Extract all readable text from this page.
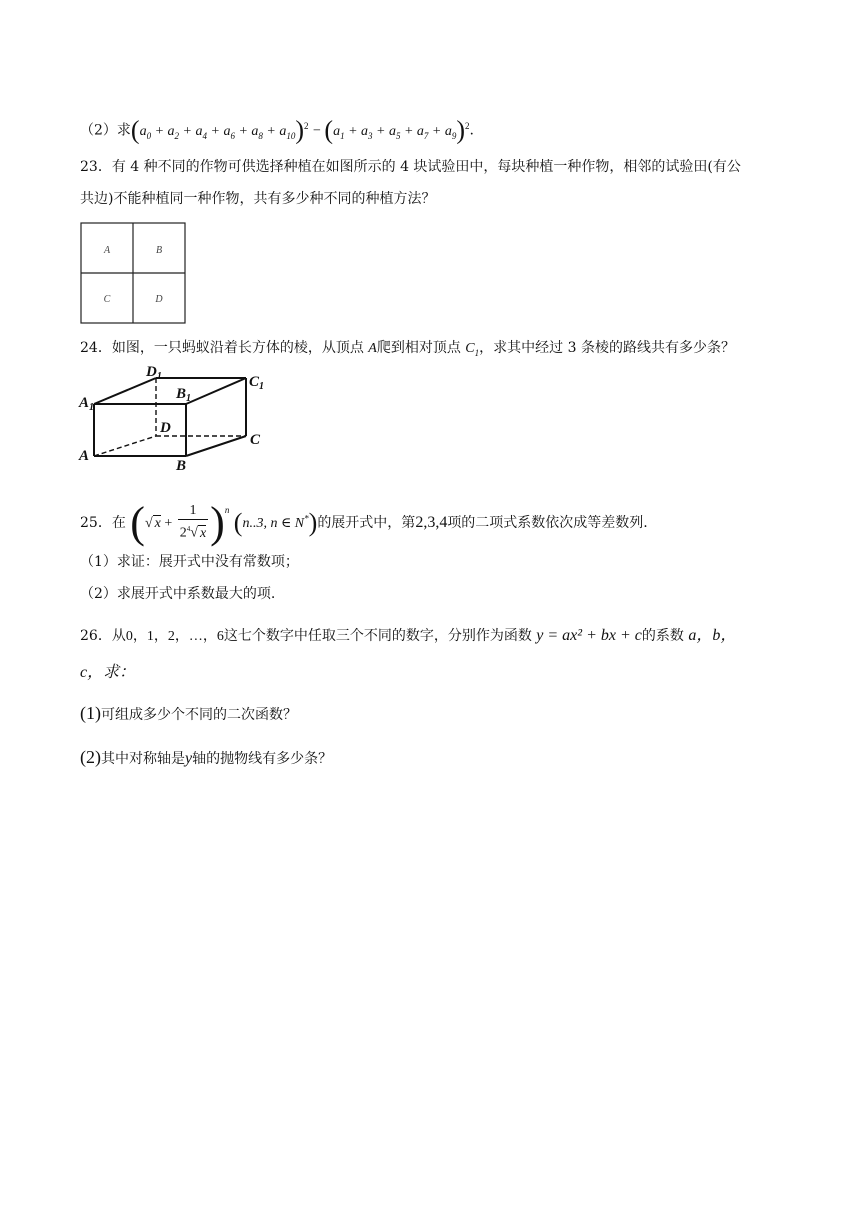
（2）求$(a_0 + a_2 + a_4 + a_6 + a_8 + a_{10})^2 - (a_1 + a_3 + a_5 + a_7 + a_9)^2$.
23．有 4 种不同的作物可供选择种植在如图所示的 4 块试验田中，每块种植一种作物，相邻的试验田(有公
共边)不能种植同一种作物，共有多少种不同的种植方法？
A	B
C	D
24．如图，一只蚂蚁沿着长方体的棱，从顶点 A爬到相对顶点 $C_1$，求其中经过 3 条棱的路线共有多少条？
$D_1$	$C_1$
$B_1$
$A_1$
D
C
A
B
25．在 (√ $x + \frac{1}{2^4√ x} )^n$ (n..3, n ∈ N*)的展开式中，第2,3,4项的二项式系数依次成等差数列.
（1）求证：展开式中没有常数项；
（2）求展开式中系数最大的项.
26．从0，1，2，…，6这七个数字中任取三个不同的数字，分别作为函数 y = ax² + bx + c的系数 a，b，
c，求：
(1)可组成多少个不同的二次函数？
(2)其中对称轴是y轴的抛物线有多少条？
